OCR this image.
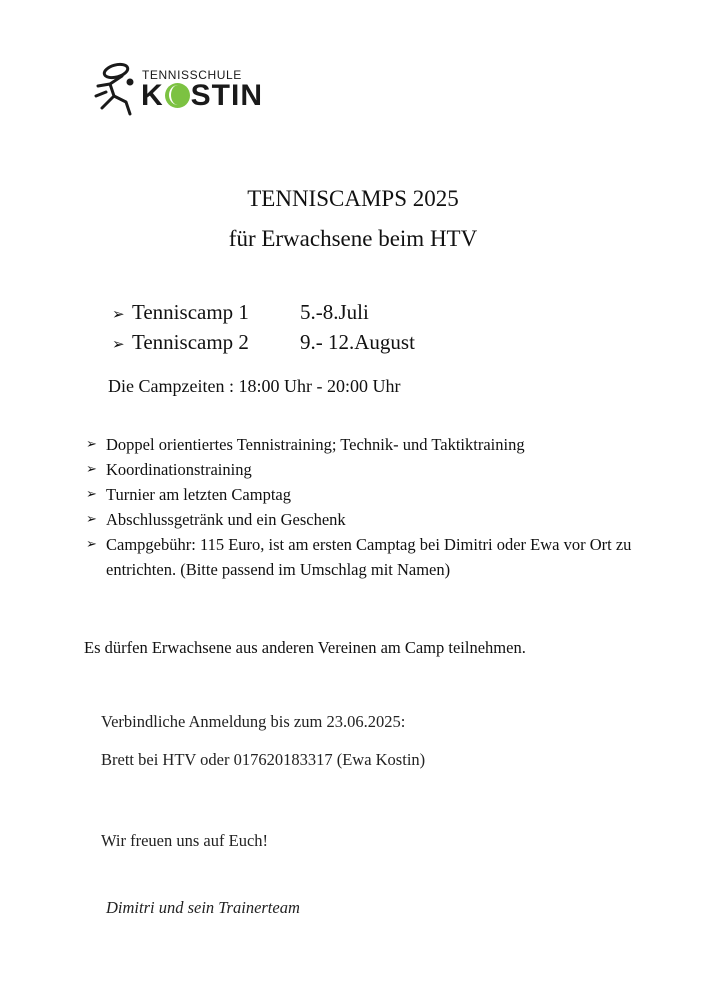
TENNISSCHULE
K STIN
TENNISCAMPS 2025
für Erwachsene beim HTV
➢ Tenniscamp 1 5.-8.Juli
➢ Tenniscamp 2 9.- 12.August
Die Campzeiten : 18:00 Uhr - 20:00 Uhr
➢ Doppel orientiertes Tennistraining; Technik- und Taktiktraining
➢ Koordinationstraining
➢ Turnier am letzten Camptag
➢ Abschlussgetränk und ein Geschenk
➢ Campgebühr: 115 Euro, ist am ersten Camptag bei Dimitri oder Ewa vor Ort zu entrichten. (Bitte passend im Umschlag mit Namen)
Es dürfen Erwachsene aus anderen Vereinen am Camp teilnehmen.
Verbindliche Anmeldung bis zum 23.06.2025:
Brett bei HTV oder 017620183317 (Ewa Kostin)
Wir freuen uns auf Euch!
Dimitri und sein Trainerteam
